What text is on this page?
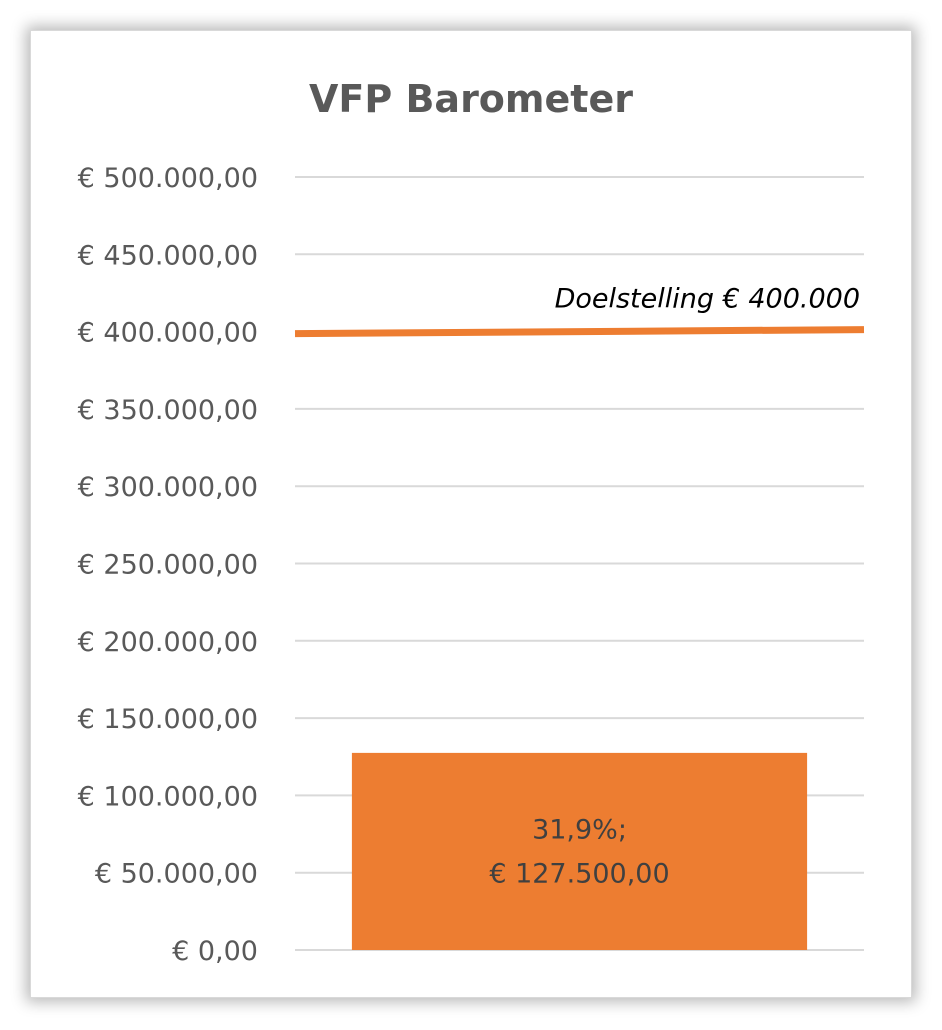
VFP Barometer
€ 0,00
€ 50.000,00
€ 100.000,00
€ 150.000,00
€ 200.000,00
€ 250.000,00
€ 300.000,00
€ 350.000,00
€ 400.000,00
€ 450.000,00
€ 500.000,00
Doelstelling € 400.000
31,9%;
€ 127.500,00
